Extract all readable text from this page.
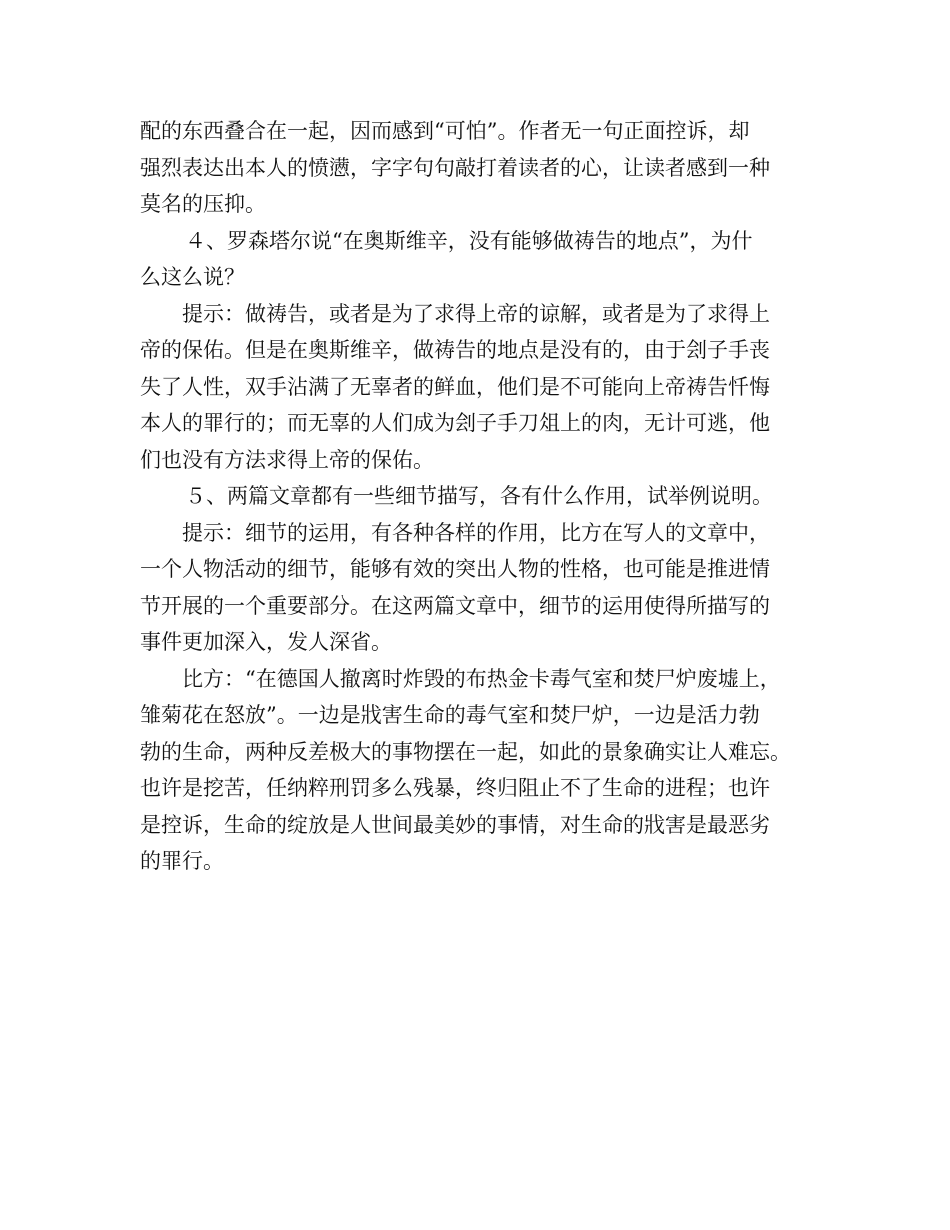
配的东西叠合在一起，因而感到“可怕”。作者无一句正面控诉，却
强烈表达出本人的愤懑，字字句句敲打着读者的心，让读者感到一种
莫名的压抑。
４、罗森塔尔说“在奥斯维辛，没有能够做祷告的地点”，为什
么这么说？
提示：做祷告，或者是为了求得上帝的谅解，或者是为了求得上
帝的保佑。但是在奥斯维辛，做祷告的地点是没有的，由于刽子手丧
失了人性，双手沾满了无辜者的鲜血，他们是不可能向上帝祷告忏悔
本人的罪行的；而无辜的人们成为刽子手刀俎上的肉，无计可逃，他
们也没有方法求得上帝的保佑。
５、两篇文章都有一些细节描写，各有什么作用，试举例说明。
提示：细节的运用，有各种各样的作用，比方在写人的文章中，
一个人物活动的细节，能够有效的突出人物的性格，也可能是推进情
节开展的一个重要部分。在这两篇文章中，细节的运用使得所描写的
事件更加深入，发人深省。
比方：“在德国人撤离时炸毁的布热金卡毒气室和焚尸炉废墟上，
雏菊花在怒放”。一边是戕害生命的毒气室和焚尸炉，一边是活力勃
勃的生命，两种反差极大的事物摆在一起，如此的景象确实让人难忘。
也许是挖苦，任纳粹刑罚多么残暴，终归阻止不了生命的进程；也许
是控诉，生命的绽放是人世间最美妙的事情，对生命的戕害是最恶劣
的罪行。
